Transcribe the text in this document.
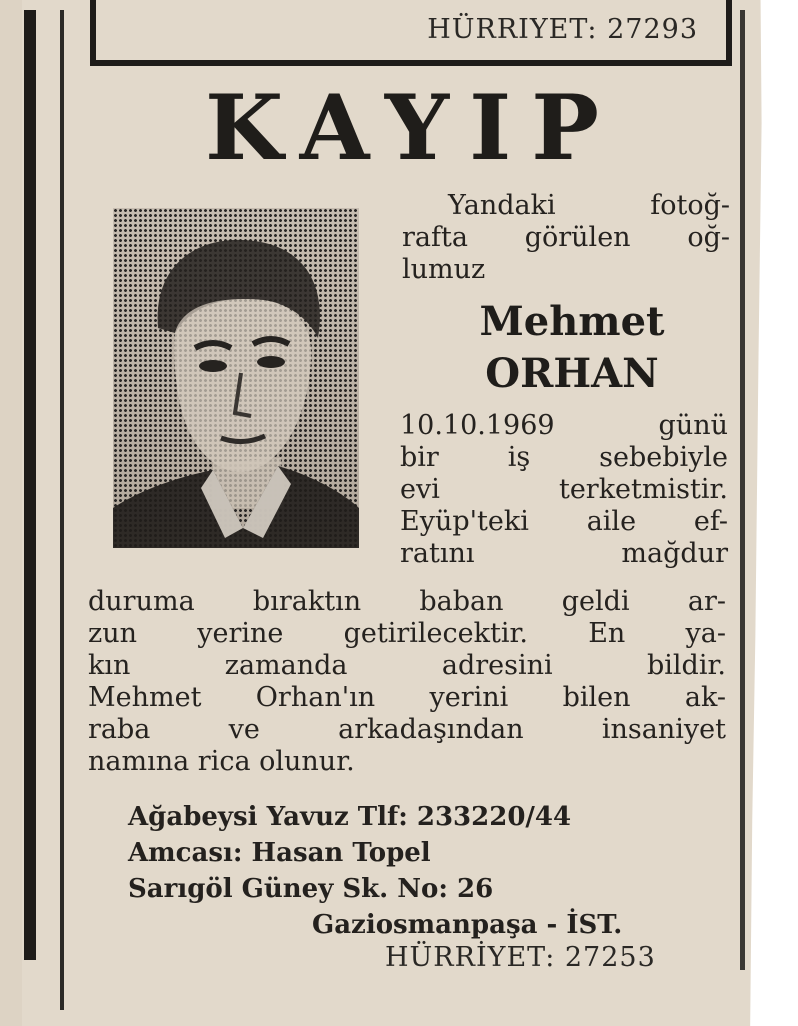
HÜRRIYET: 27293
KAYIP
Yandaki fotoğ-
rafta görülen oğ-
lumuz
Mehmet
ORHAN
10.10.1969 günü
bir iş sebebiyle
evi terketmistir.
Eyüp'teki aile ef-
ratını mağdur
duruma bıraktın baban geldi ar-
zun yerine getirilecektir. En ya-
kın zamanda adresini bildir.
Mehmet Orhan'ın yerini bilen ak-
raba ve arkadaşından insaniyet
namına rica olunur.
Ağabeysi Yavuz Tlf: 233220/44
Amcası: Hasan Topel
Sarıgöl Güney Sk. No: 26
Gaziosmanpaşa - İST.
HÜRRİYET: 27253
